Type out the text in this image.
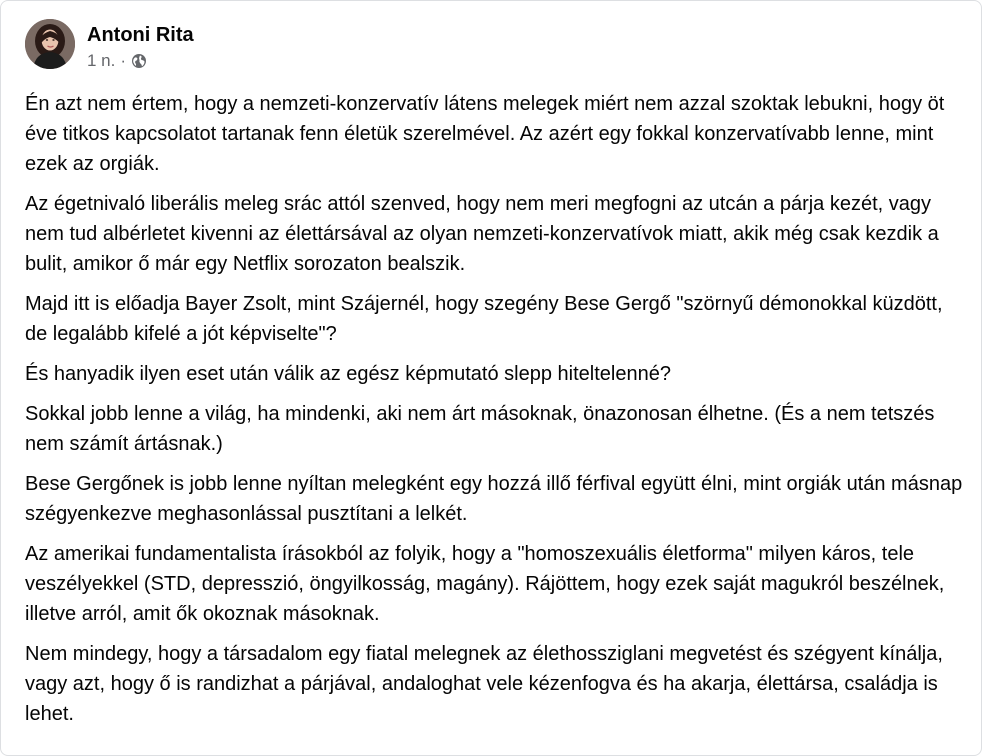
Antoni Rita
1 n. ·

Én azt nem értem, hogy a nemzeti-konzervatív látens melegek miért nem azzal szoktak lebukni, hogy öt éve titkos kapcsolatot tartanak fenn életük szerelmével. Az azért egy fokkal konzervatívabb lenne, mint ezek az orgiák.

Az égetnivaló liberális meleg srác attól szenved, hogy nem meri megfogni az utcán a párja kezét, vagy nem tud albérletet kivenni az élettársával az olyan nemzeti-konzervatívok miatt, akik még csak kezdik a bulit, amikor ő már egy Netflix sorozaton bealszik.

Majd itt is előadja Bayer Zsolt, mint Szájernél, hogy szegény Bese Gergő "szörnyű démonokkal küzdött, de legalább kifelé a jót képviselte"?

És hanyadik ilyen eset után válik az egész képmutató slepp hiteltelenné?

Sokkal jobb lenne a világ, ha mindenki, aki nem árt másoknak, önazonosan élhetne. (És a nem tetszés nem számít ártásnak.)

Bese Gergőnek is jobb lenne nyíltan melegként egy hozzá illő férfival együtt élni, mint orgiák után másnap szégyenkezve meghasonlással pusztítani a lelkét.

Az amerikai fundamentalista írásokból az folyik, hogy a "homoszexuális életforma" milyen káros, tele veszélyekkel (STD, depresszió, öngyilkosság, magány). Rájöttem, hogy ezek saját magukról beszélnek, illetve arról, amit ők okoznak másoknak.

Nem mindegy, hogy a társadalom egy fiatal melegnek az élethossziglani megvetést és szégyent kínálja, vagy azt, hogy ő is randizhat a párjával, andaloghat vele kézenfogva és ha akarja, élettársa, családja is lehet.
